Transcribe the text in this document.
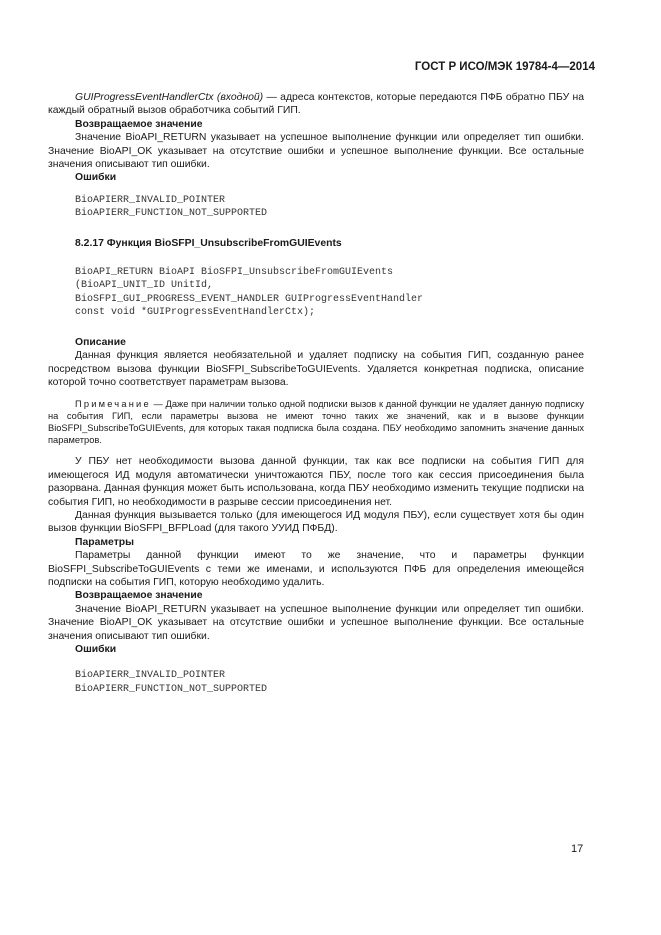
ГОСТ Р ИСО/МЭК 19784-4—2014

GUIProgressEventHandlerCtx (входной) — адреса контекстов, которые передаются ПФБ обратно ПБУ на каждый обратный вызов обработчика событий ГИП.

Возвращаемое значение

Значение BioAPI_RETURN указывает на успешное выполнение функции или определяет тип ошибки. Значение BioAPI_OK указывает на отсутствие ошибки и успешное выполнение функции. Все остальные значения описывают тип ошибки.

Ошибки

BioAPIERR_INVALID_POINTER

BioAPIERR_FUNCTION_NOT_SUPPORTED

8.2.17 Функция BioSFPI_UnsubscribeFromGUIEvents

BioAPI_RETURN BioAPI BioSFPI_UnsubscribeFromGUIEvents

(BioAPI_UNIT_ID UnitId,

BioSFPI_GUI_PROGRESS_EVENT_HANDLER GUIProgressEventHandler

const void *GUIProgressEventHandlerCtx);

Описание

Данная функция является необязательной и удаляет подписку на события ГИП, созданную ранее посредством вызова функции BioSFPI_SubscribeToGUIEvents. Удаляется конкретная подписка, описание которой точно соответствует параметрам вызова.

Примечание — Даже при наличии только одной подписки вызов к данной функции не удаляет данную подписку на события ГИП, если параметры вызова не имеют точно таких же значений, как и в вызове функции BioSFPI_SubscribeToGUIEvents, для которых такая подписка была создана. ПБУ необходимо запомнить значение данных параметров.

У ПБУ нет необходимости вызова данной функции, так как все подписки на события ГИП для имеющегося ИД модуля автоматически уничтожаются ПБУ, после того как сессия присоединения была разорвана. Данная функция может быть использована, когда ПБУ необходимо изменить текущие подписки на события ГИП, но необходимости в разрыве сессии присоединения нет.

Данная функция вызывается только (для имеющегося ИД модуля ПБУ), если существует хотя бы один вызов функции BioSFPI_BFPLoad (для такого УУИД ПФБД).

Параметры

Параметры данной функции имеют то же значение, что и параметры функции BioSFPI_SubscribeToGUIEvents с теми же именами, и используются ПФБ для определения имеющейся подписки на события ГИП, которую необходимо удалить.

Возвращаемое значение

Значение BioAPI_RETURN указывает на успешное выполнение функции или определяет тип ошибки. Значение BioAPI_OK указывает на отсутствие ошибки и успешное выполнение функции. Все остальные значения описывают тип ошибки.

Ошибки

BioAPIERR_INVALID_POINTER

BioAPIERR_FUNCTION_NOT_SUPPORTED

17
